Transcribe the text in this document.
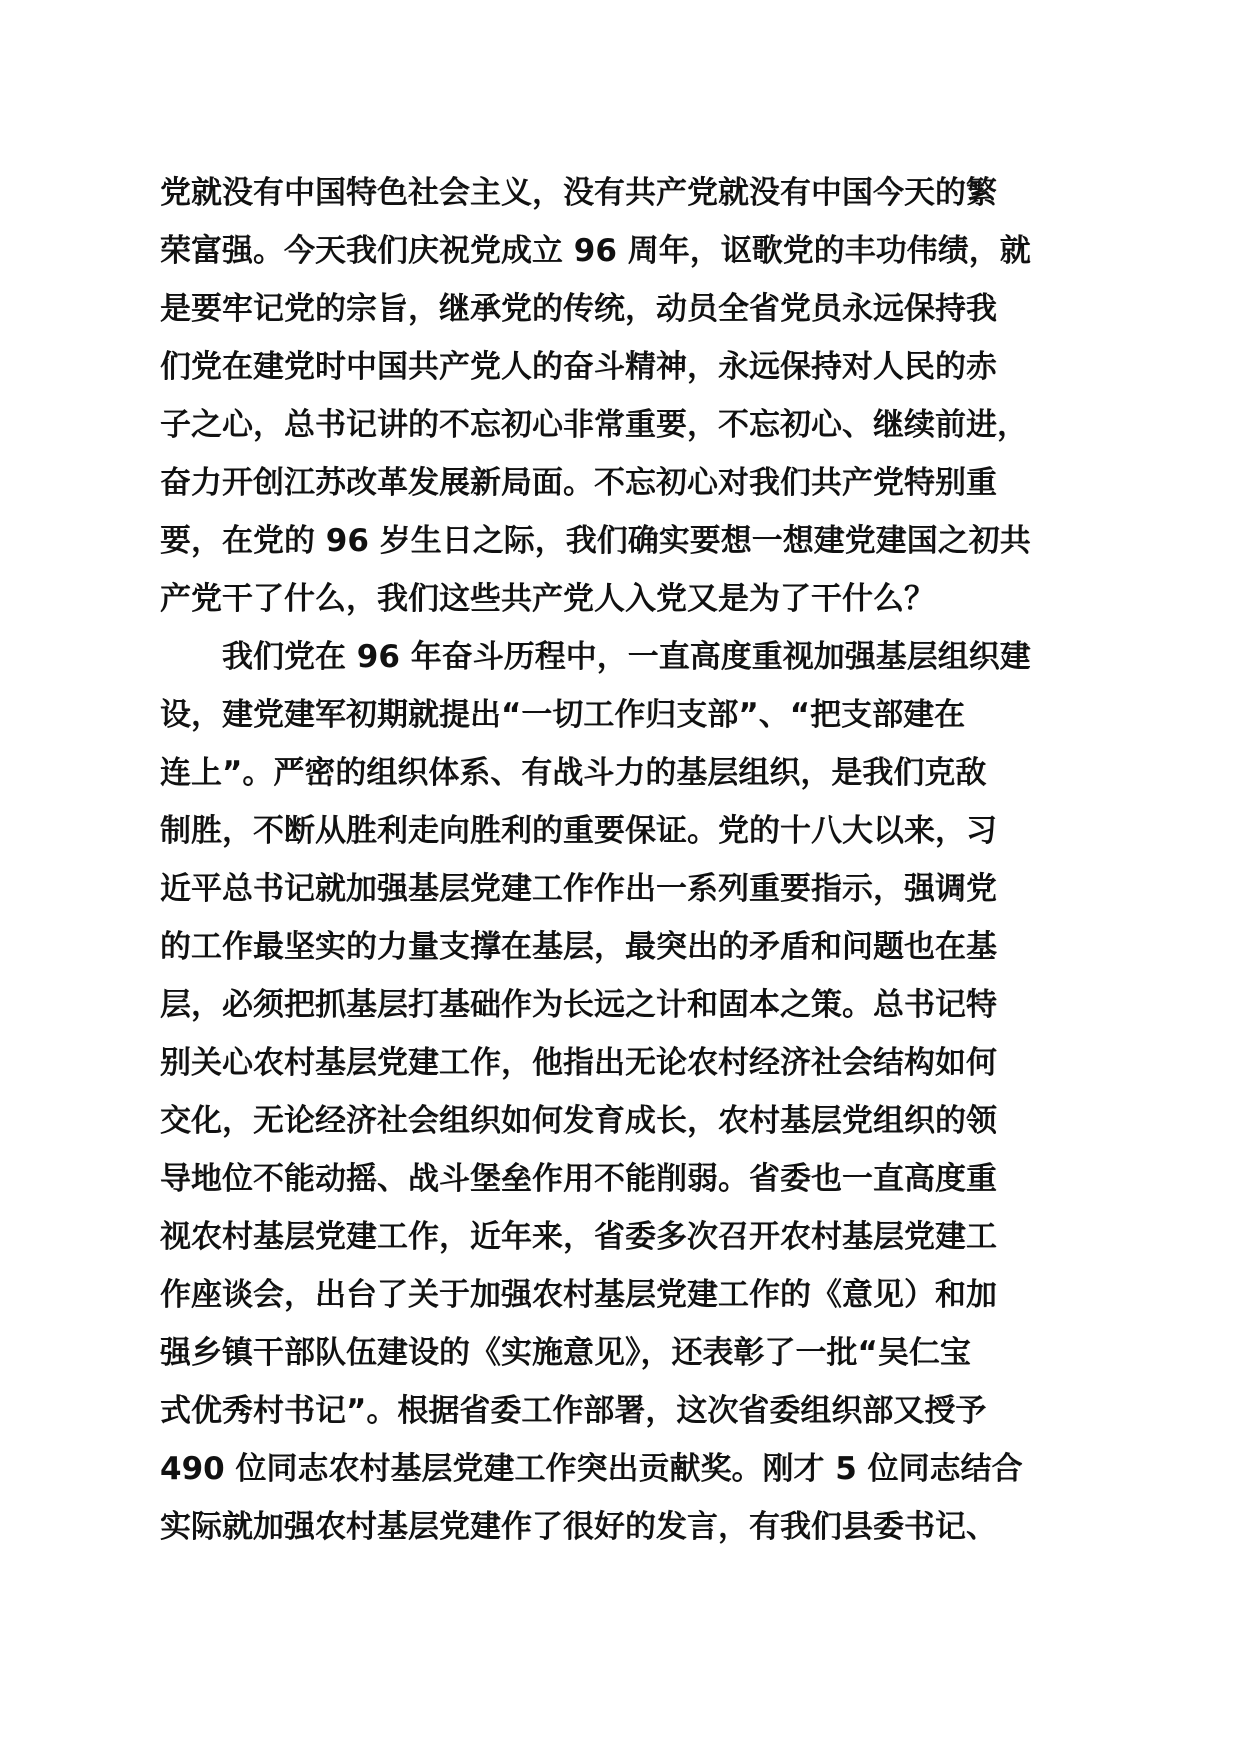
党就没有中国特色社会主义，没有共产党就没有中国今天的繁
荣富强。今天我们庆祝党成立 96 周年，讴歌党的丰功伟绩，就
是要牢记党的宗旨，继承党的传统，动员全省党员永远保持我
们党在建党时中国共产党人的奋斗精神，永远保持对人民的赤
子之心，总书记讲的不忘初心非常重要，不忘初心、继续前进，
奋力开创江苏改革发展新局面。不忘初心对我们共产党特别重
要，在党的 96 岁生日之际，我们确实要想一想建党建国之初共
产党干了什么，我们这些共产党人入党又是为了干什么？
　　我们党在 96 年奋斗历程中，一直高度重视加强基层组织建
设，建党建军初期就提出“一切工作归支部”、“把支部建在
连上”。严密的组织体系、有战斗力的基层组织，是我们克敌
制胜，不断从胜利走向胜利的重要保证。党的十八大以来，习
近平总书记就加强基层党建工作作出一系列重要指示，强调党
的工作最坚实的力量支撑在基层，最突出的矛盾和问题也在基
层，必须把抓基层打基础作为长远之计和固本之策。总书记特
别关心农村基层党建工作，他指出无论农村经济社会结构如何
交化，无论经济社会组织如何发育成长，农村基层党组织的领
导地位不能动摇、战斗堡垒作用不能削弱。省委也一直高度重
视农村基层党建工作，近年来，省委多次召开农村基层党建工
作座谈会，出台了关于加强农村基层党建工作的《意见）和加
强乡镇干部队伍建设的《实施意见》，还表彰了一批“吴仁宝
式优秀村书记”。根据省委工作部署，这次省委组织部又授予
490 位同志农村基层党建工作突出贡献奖。刚才 5 位同志结合
实际就加强农村基层党建作了很好的发言，有我们县委书记、
